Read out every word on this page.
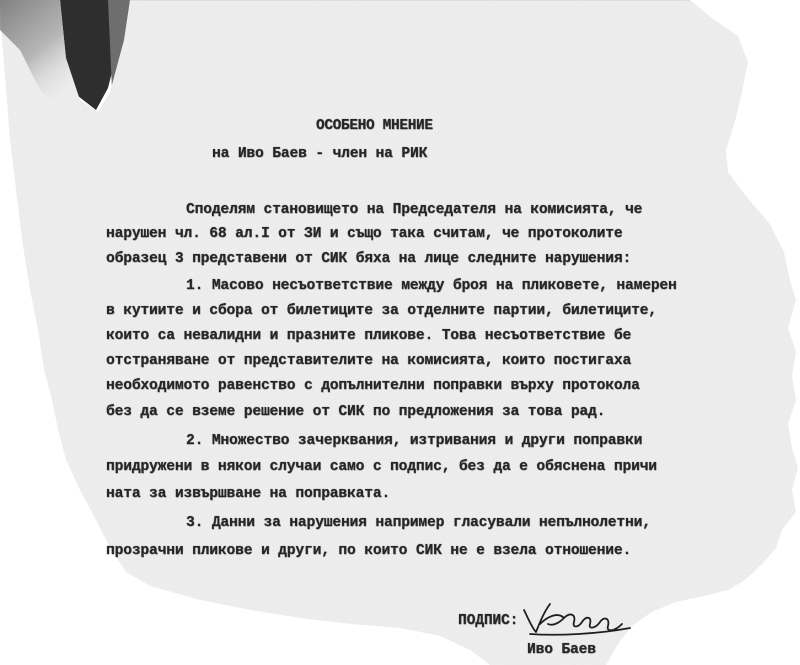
ОСОБЕНО МНЕНИЕ
на Иво Баев - член на РИК
Споделям становището на Председателя на комисията, че
нарушен чл. 68 ал.I от ЗИ и също така считам, че протоколите
образец 3 представени от СИК бяха на лице следните нарушения:
1. Масово несъответствие между броя на пликовете, намерен
в кутиите и сбора от билетиците за отделните партии, билетиците,
които са невалидни и празните пликове. Това несъответствие бе
отстраняване от представителите на комисията, които постигаха
необходимото равенство с допълнителни поправки върху протокола
без да се вземе решение от СИК по предложения за това рад.
2. Множество зачерквания, изтривания и други поправки
придружени в някои случаи само с подпис, без да е обяснена причи
ната за извършване на поправката.
3. Данни за нарушения например гласували непълнолетни,
прозрачни пликове и други, по които СИК не е взела отношение.
ПОДПИС:
Иво Баев
